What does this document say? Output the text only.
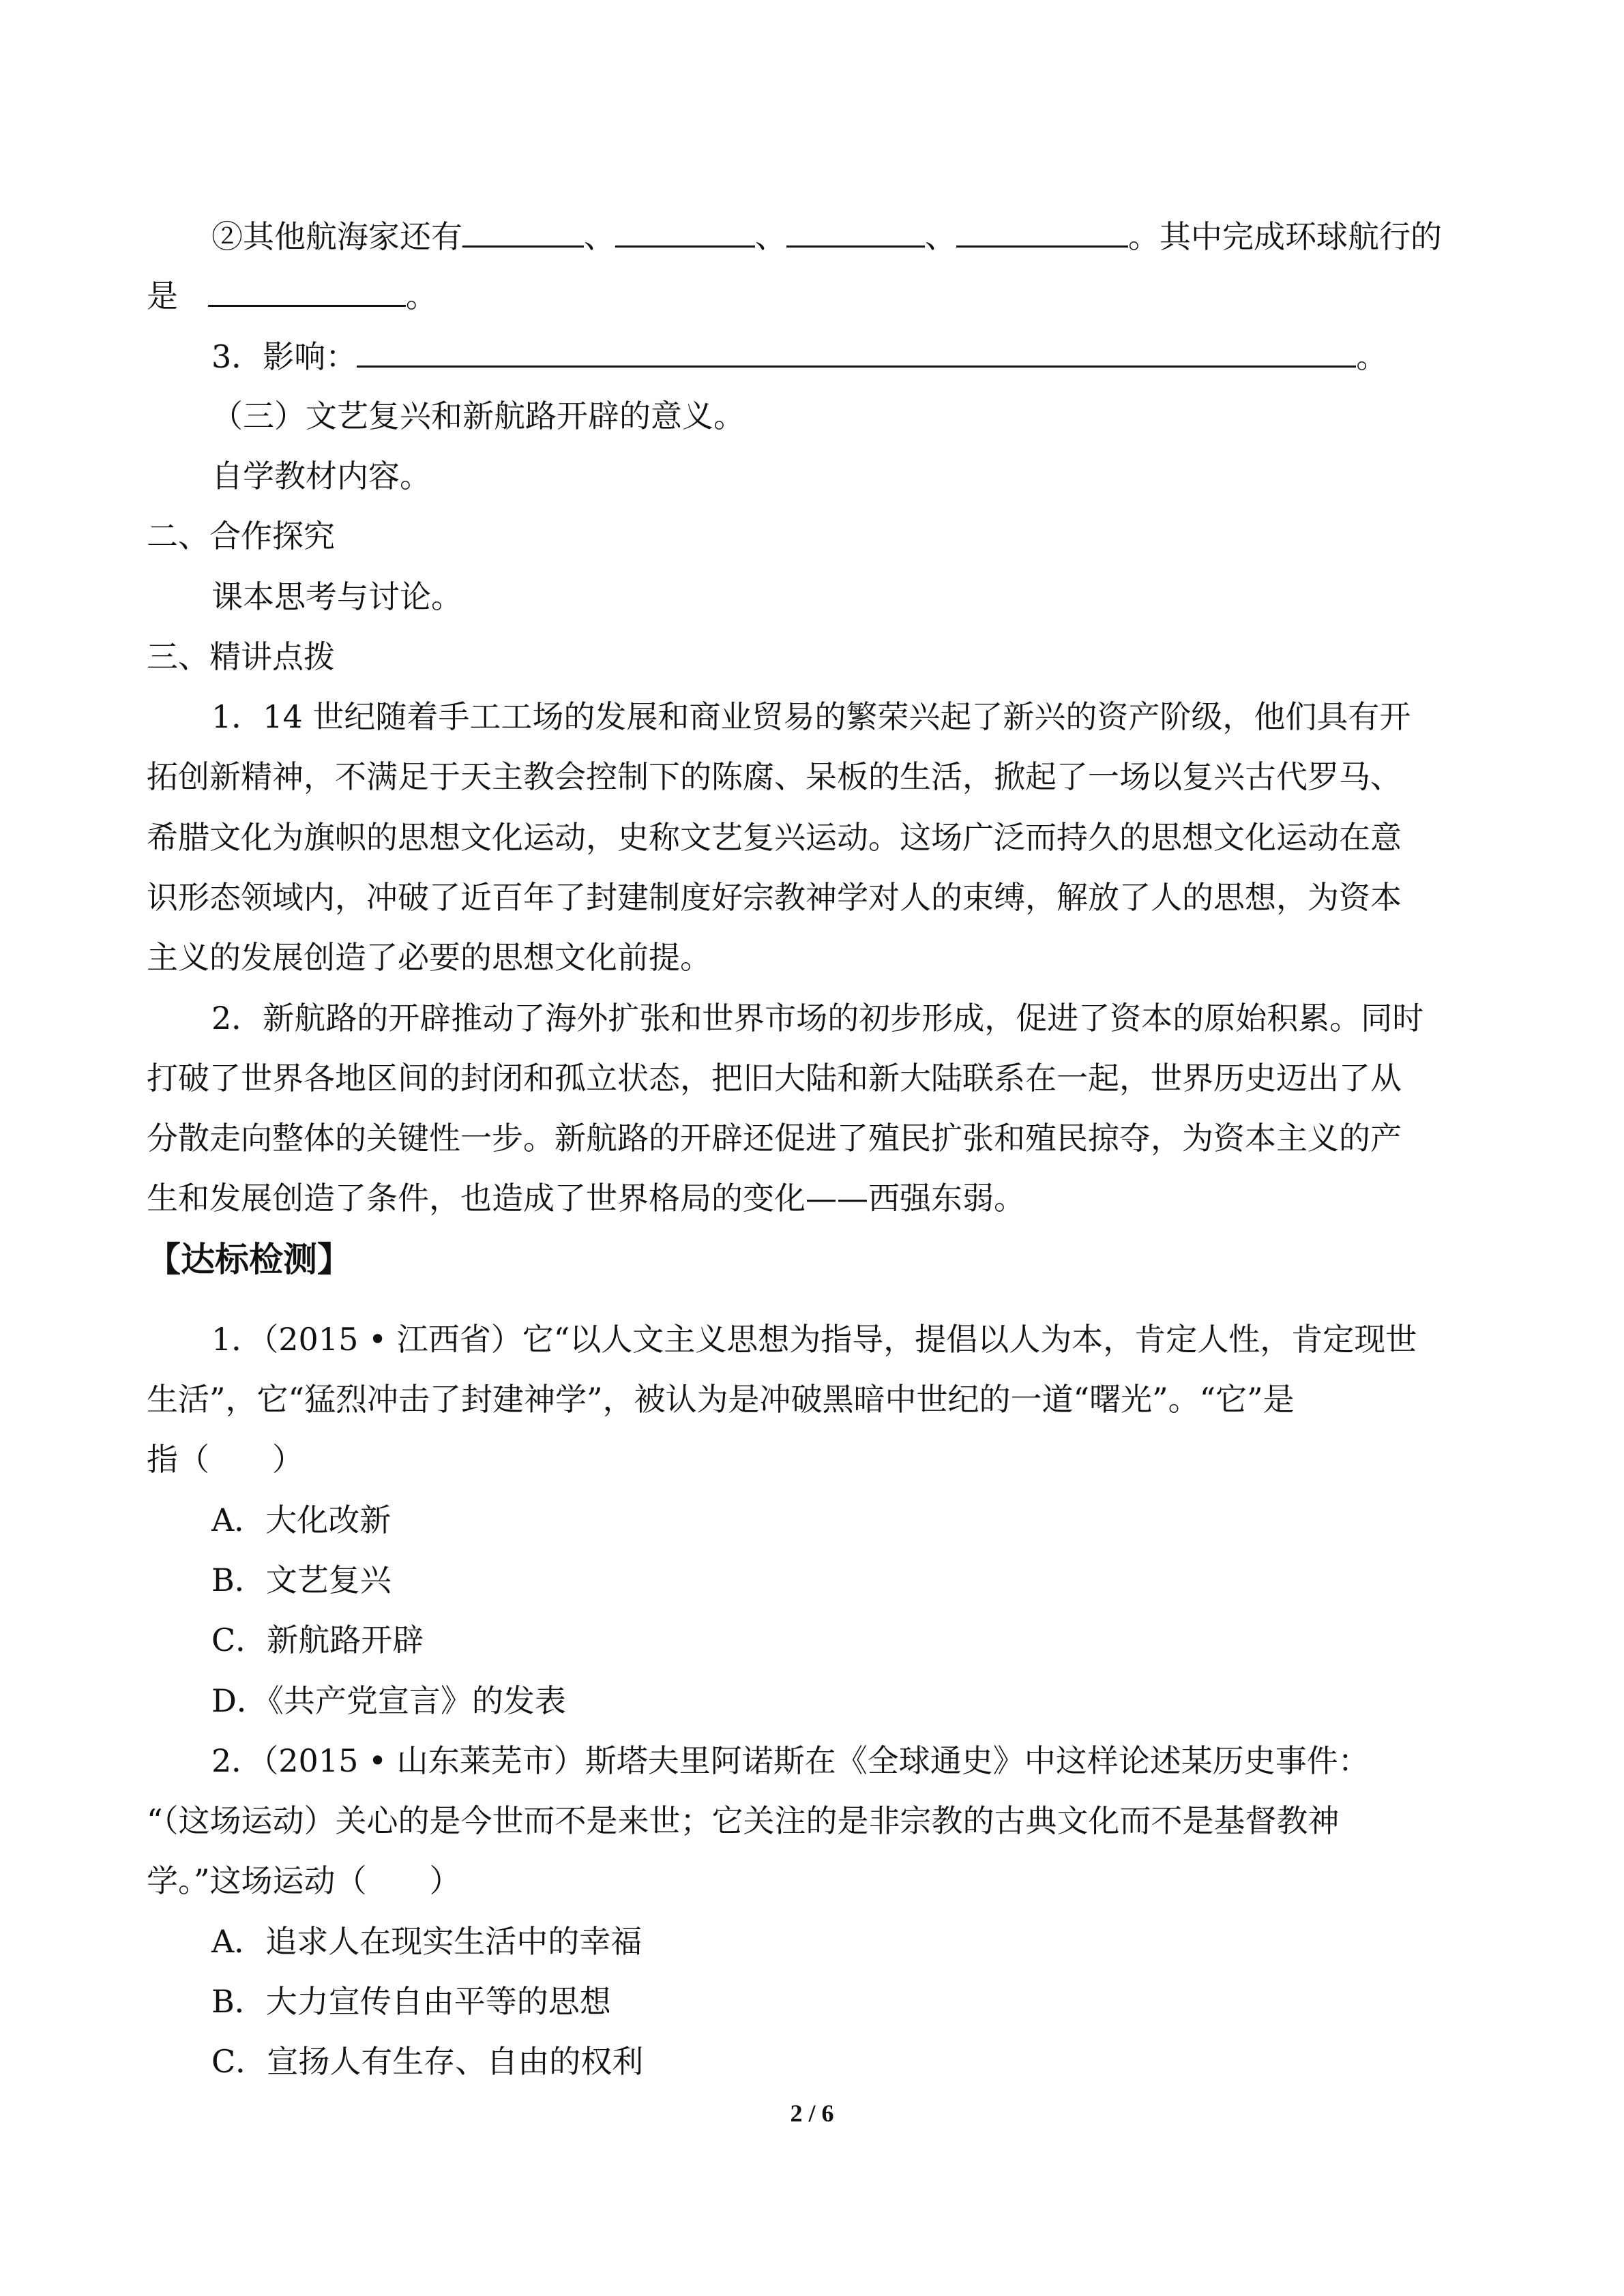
②其他航海家还有	、	、	、	。其中完成环球航行的
是	。
3．影响：	。
（三）文艺复兴和新航路开辟的意义。
自学教材内容。
二、合作探究
课本思考与讨论。
三、精讲点拨
1．14 世纪随着手工工场的发展和商业贸易的繁荣兴起了新兴的资产阶级，他们具有开
拓创新精神，不满足于天主教会控制下的陈腐、呆板的生活，掀起了一场以复兴古代罗马、
希腊文化为旗帜的思想文化运动，史称文艺复兴运动。这场广泛而持久的思想文化运动在意
识形态领域内，冲破了近百年了封建制度好宗教神学对人的束缚，解放了人的思想，为资本
主义的发展创造了必要的思想文化前提。
2．新航路的开辟推动了海外扩张和世界市场的初步形成，促进了资本的原始积累。同时
打破了世界各地区间的封闭和孤立状态，把旧大陆和新大陆联系在一起，世界历史迈出了从
分散走向整体的关键性一步。新航路的开辟还促进了殖民扩张和殖民掠夺，为资本主义的产
生和发展创造了条件，也造成了世界格局的变化——西强东弱。
【达标检测】
1．（2015 • 江西省）它“以人文主义思想为指导，提倡以人为本，肯定人性，肯定现世
生活”，它“猛烈冲击了封建神学”，被认为是冲破黑暗中世纪的一道“曙光”。“它”是
指（　　）
A．大化改新
B．文艺复兴
C．新航路开辟
D．《共产党宣言》的发表
2．（2015 • 山东莱芜市）斯塔夫里阿诺斯在《全球通史》中这样论述某历史事件：
“（这场运动）关心的是今世而不是来世；它关注的是非宗教的古典文化而不是基督教神
学。”这场运动（　　）
A．追求人在现实生活中的幸福
B．大力宣传自由平等的思想
C．宣扬人有生存、自由的权利
2 / 6
